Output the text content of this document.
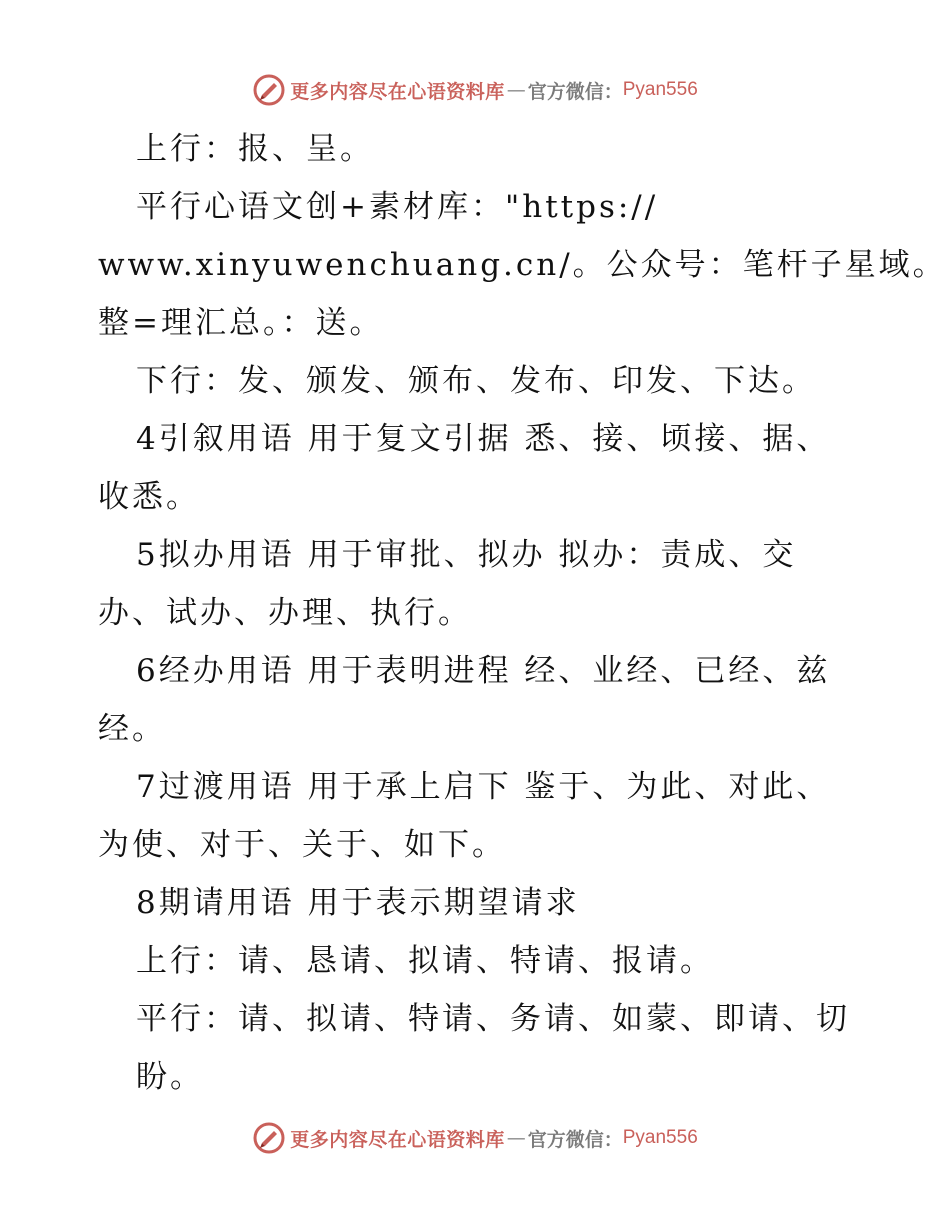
更多内容尽在心语资料库 — 官方微信： Pyan556
上行：报、呈。
平行心语文创+素材库："https://
www.xinyuwenchuang.cn/。公众号：笔杆子星域。
整=理汇总。：送。
下行：发、颁发、颁布、发布、印发、下达。
4引叙用语 用于复文引据 悉、接、顷接、据、
收悉。
5拟办用语 用于审批、拟办 拟办：责成、交
办、试办、办理、执行。
6经办用语 用于表明进程 经、业经、已经、兹
经。
7过渡用语 用于承上启下 鉴于、为此、对此、
为使、对于、关于、如下。
8期请用语 用于表示期望请求
上行：请、恳请、拟请、特请、报请。
平行：请、拟请、特请、务请、如蒙、即请、切
盼。
更多内容尽在心语资料库 — 官方微信： Pyan556
